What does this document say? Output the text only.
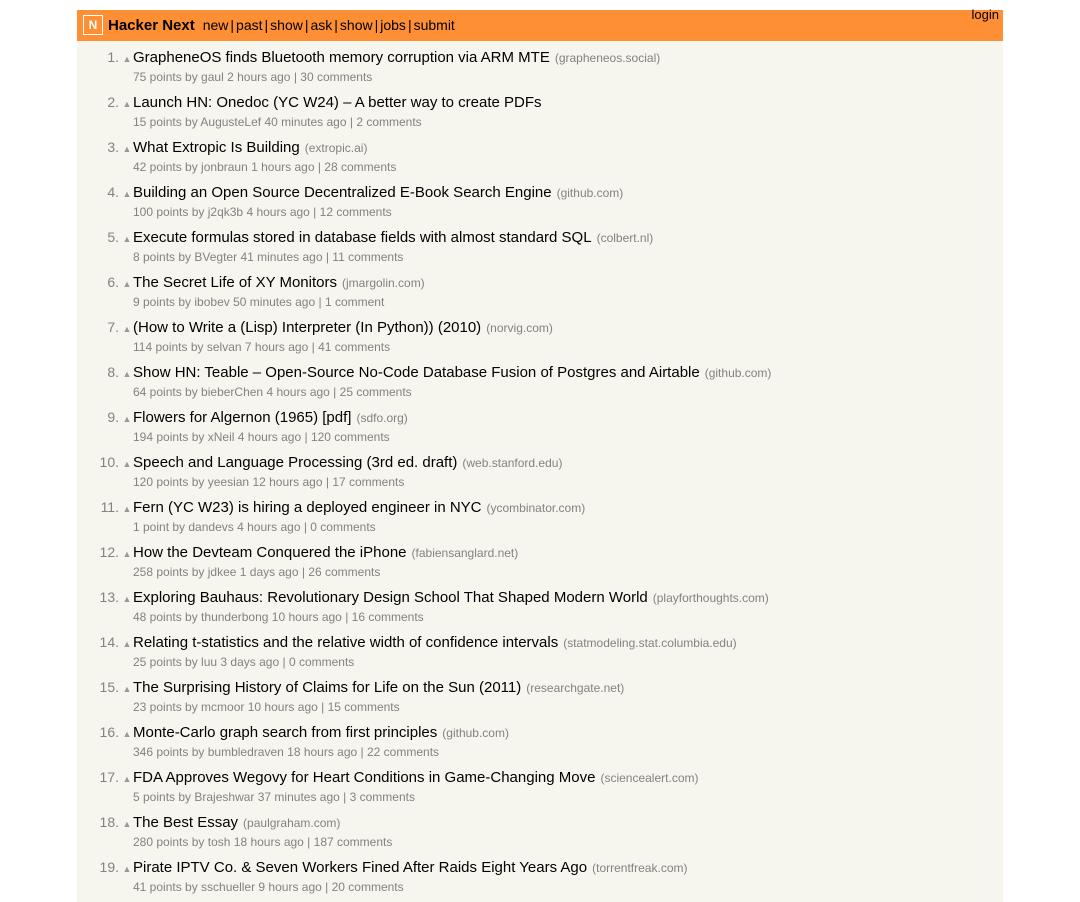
N Hacker Next new | past | show | ask | show | jobs | submit
login
1. ▲ GrapheneOS finds Bluetooth memory corruption via ARM MTE (grapheneos.social)
75 points by gaul 2 hours ago | 30 comments
2. ▲ Launch HN: Onedoc (YC W24) – A better way to create PDFs
15 points by AugusteLef 40 minutes ago | 2 comments
3. ▲ What Extropic Is Building (extropic.ai)
42 points by jonbraun 1 hours ago | 28 comments
4. ▲ Building an Open Source Decentralized E-Book Search Engine (github.com)
100 points by j2qk3b 4 hours ago | 12 comments
5. ▲ Execute formulas stored in database fields with almost standard SQL (colbert.nl)
8 points by BVegter 41 minutes ago | 11 comments
6. ▲ The Secret Life of XY Monitors (jmargolin.com)
9 points by ibobev 50 minutes ago | 1 comment
7. ▲ (How to Write a (Lisp) Interpreter (In Python)) (2010) (norvig.com)
114 points by selvan 7 hours ago | 41 comments
8. ▲ Show HN: Teable – Open-Source No-Code Database Fusion of Postgres and Airtable (github.com)
64 points by bieberChen 4 hours ago | 25 comments
9. ▲ Flowers for Algernon (1965) [pdf] (sdfo.org)
194 points by xNeil 4 hours ago | 120 comments
10. ▲ Speech and Language Processing (3rd ed. draft) (web.stanford.edu)
120 points by yeesian 12 hours ago | 17 comments
11. ▲ Fern (YC W23) is hiring a deployed engineer in NYC (ycombinator.com)
1 point by dandevs 4 hours ago | 0 comments
12. ▲ How the Devteam Conquered the iPhone (fabiensanglard.net)
258 points by jdkee 1 days ago | 26 comments
13. ▲ Exploring Bauhaus: Revolutionary Design School That Shaped Modern World (playforthoughts.com)
48 points by thunderbong 10 hours ago | 16 comments
14. ▲ Relating t-statistics and the relative width of confidence intervals (statmodeling.stat.columbia.edu)
25 points by luu 3 days ago | 0 comments
15. ▲ The Surprising History of Claims for Life on the Sun (2011) (researchgate.net)
23 points by mcmoor 10 hours ago | 15 comments
16. ▲ Monte-Carlo graph search from first principles (github.com)
346 points by bumbledraven 18 hours ago | 22 comments
17. ▲ FDA Approves Wegovy for Heart Conditions in Game-Changing Move (sciencealert.com)
5 points by Brajeshwar 37 minutes ago | 3 comments
18. ▲ The Best Essay (paulgraham.com)
280 points by tosh 18 hours ago | 187 comments
19. ▲ Pirate IPTV Co. & Seven Workers Fined After Raids Eight Years Ago (torrentfreak.com)
41 points by sschueller 9 hours ago | 20 comments
